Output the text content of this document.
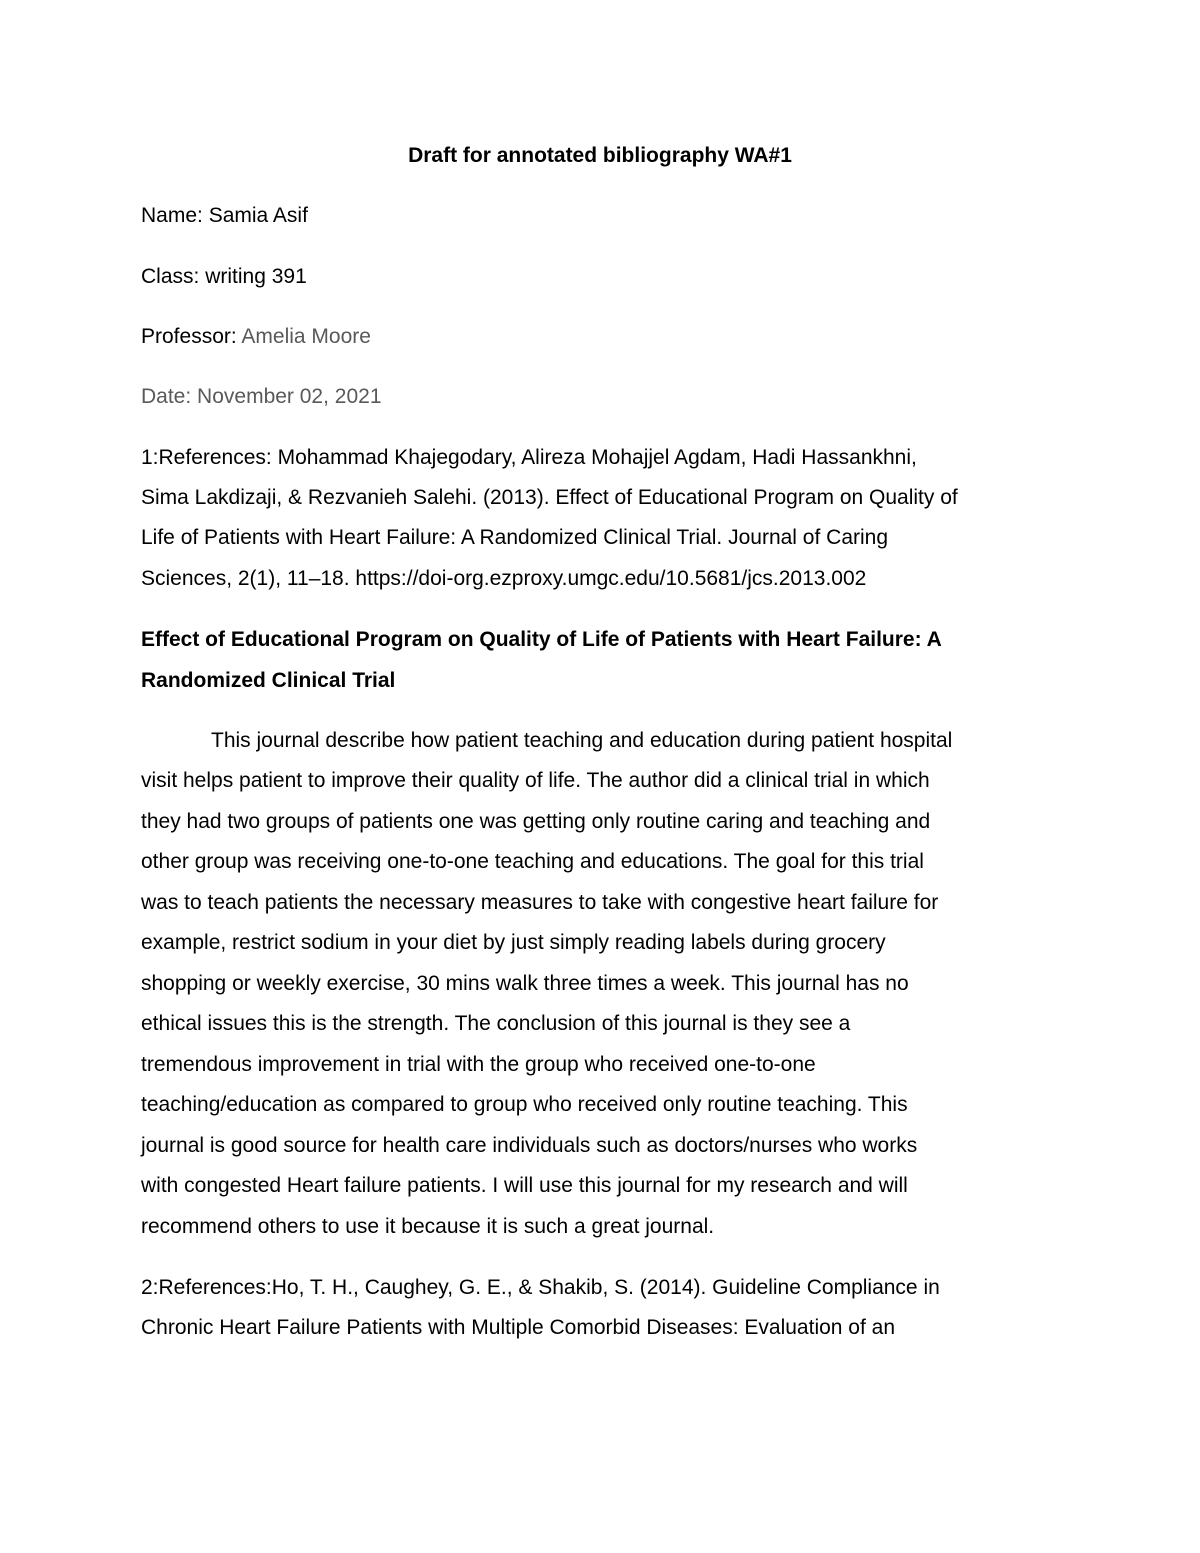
Draft for annotated bibliography WA#1
Name: Samia Asif
Class: writing 391
Professor: Amelia Moore
Date: November 02, 2021
1:References: Mohammad Khajegodary, Alireza Mohajjel Agdam, Hadi Hassankhni,
Sima Lakdizaji, & Rezvanieh Salehi. (2013). Effect of Educational Program on Quality of
Life of Patients with Heart Failure: A Randomized Clinical Trial. Journal of Caring
Sciences, 2(1), 11–18. https://doi-org.ezproxy.umgc.edu/10.5681/jcs.2013.002
Effect of Educational Program on Quality of Life of Patients with Heart Failure: A
Randomized Clinical Trial
This journal describe how patient teaching and education during patient hospital
visit helps patient to improve their quality of life. The author did a clinical trial in which
they had two groups of patients one was getting only routine caring and teaching and
other group was receiving one-to-one teaching and educations. The goal for this trial
was to teach patients the necessary measures to take with congestive heart failure for
example, restrict sodium in your diet by just simply reading labels during grocery
shopping or weekly exercise, 30 mins walk three times a week. This journal has no
ethical issues this is the strength. The conclusion of this journal is they see a
tremendous improvement in trial with the group who received one-to-one
teaching/education as compared to group who received only routine teaching. This
journal is good source for health care individuals such as doctors/nurses who works
with congested Heart failure patients. I will use this journal for my research and will
recommend others to use it because it is such a great journal.
2:References:Ho, T. H., Caughey, G. E., & Shakib, S. (2014). Guideline Compliance in
Chronic Heart Failure Patients with Multiple Comorbid Diseases: Evaluation of an
